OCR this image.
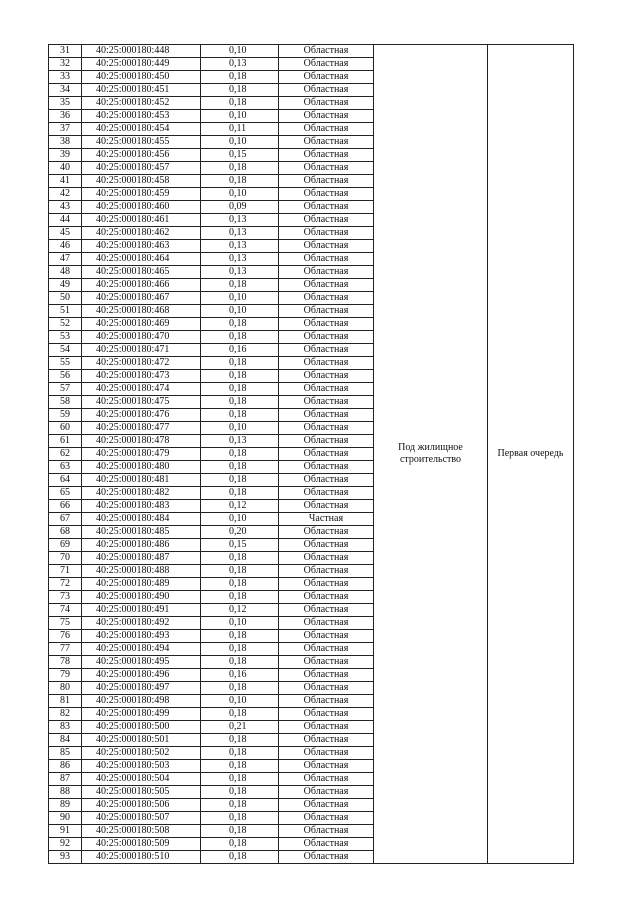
31	40:25:000180:448	0,10	Областная	Под жилищное строительство	Первая очередь
32	40:25:000180:449	0,13	Областная		
33	40:25:000180:450	0,18	Областная		
34	40:25:000180:451	0,18	Областная		
35	40:25:000180:452	0,18	Областная		
36	40:25:000180:453	0,10	Областная		
37	40:25:000180:454	0,11	Областная		
38	40:25:000180:455	0,10	Областная		
39	40:25:000180:456	0,15	Областная		
40	40:25:000180:457	0,18	Областная		
41	40:25:000180:458	0,18	Областная		
42	40:25:000180:459	0,10	Областная		
43	40:25:000180:460	0,09	Областная		
44	40:25:000180:461	0,13	Областная		
45	40:25:000180:462	0,13	Областная		
46	40:25:000180:463	0,13	Областная		
47	40:25:000180:464	0,13	Областная		
48	40:25:000180:465	0,13	Областная		
49	40:25:000180:466	0,18	Областная		
50	40:25:000180:467	0,10	Областная		
51	40:25:000180:468	0,10	Областная		
52	40:25:000180:469	0,18	Областная		
53	40:25:000180:470	0,18	Областная		
54	40:25:000180:471	0,16	Областная		
55	40:25:000180:472	0,18	Областная		
56	40:25:000180:473	0,18	Областная		
57	40:25:000180:474	0,18	Областная		
58	40:25:000180:475	0,18	Областная		
59	40:25:000180:476	0,18	Областная		
60	40:25:000180:477	0,10	Областная		
61	40:25:000180:478	0,13	Областная		
62	40:25:000180:479	0,18	Областная		
63	40:25:000180:480	0,18	Областная		
64	40:25:000180:481	0,18	Областная		
65	40:25:000180:482	0,18	Областная		
66	40:25:000180:483	0,12	Областная		
67	40:25:000180:484	0,10	Частная		
68	40:25:000180:485	0,20	Областная		
69	40:25:000180:486	0,15	Областная		
70	40:25:000180:487	0,18	Областная		
71	40:25:000180:488	0,18	Областная		
72	40:25:000180:489	0,18	Областная		
73	40:25:000180:490	0,18	Областная		
74	40:25:000180:491	0,12	Областная		
75	40:25:000180:492	0,10	Областная		
76	40:25:000180:493	0,18	Областная		
77	40:25:000180:494	0,18	Областная		
78	40:25:000180:495	0,18	Областная		
79	40:25:000180:496	0,16	Областная		
80	40:25:000180:497	0,18	Областная		
81	40:25:000180:498	0,10	Областная		
82	40:25:000180:499	0,18	Областная		
83	40:25:000180:500	0,21	Областная		
84	40:25:000180:501	0,18	Областная		
85	40:25:000180:502	0,18	Областная		
86	40:25:000180:503	0,18	Областная		
87	40:25:000180:504	0,18	Областная		
88	40:25:000180:505	0,18	Областная		
89	40:25:000180:506	0,18	Областная		
90	40:25:000180:507	0,18	Областная		
91	40:25:000180:508	0,18	Областная		
92	40:25:000180:509	0,18	Областная		
93	40:25:000180:510	0,18	Областная		
